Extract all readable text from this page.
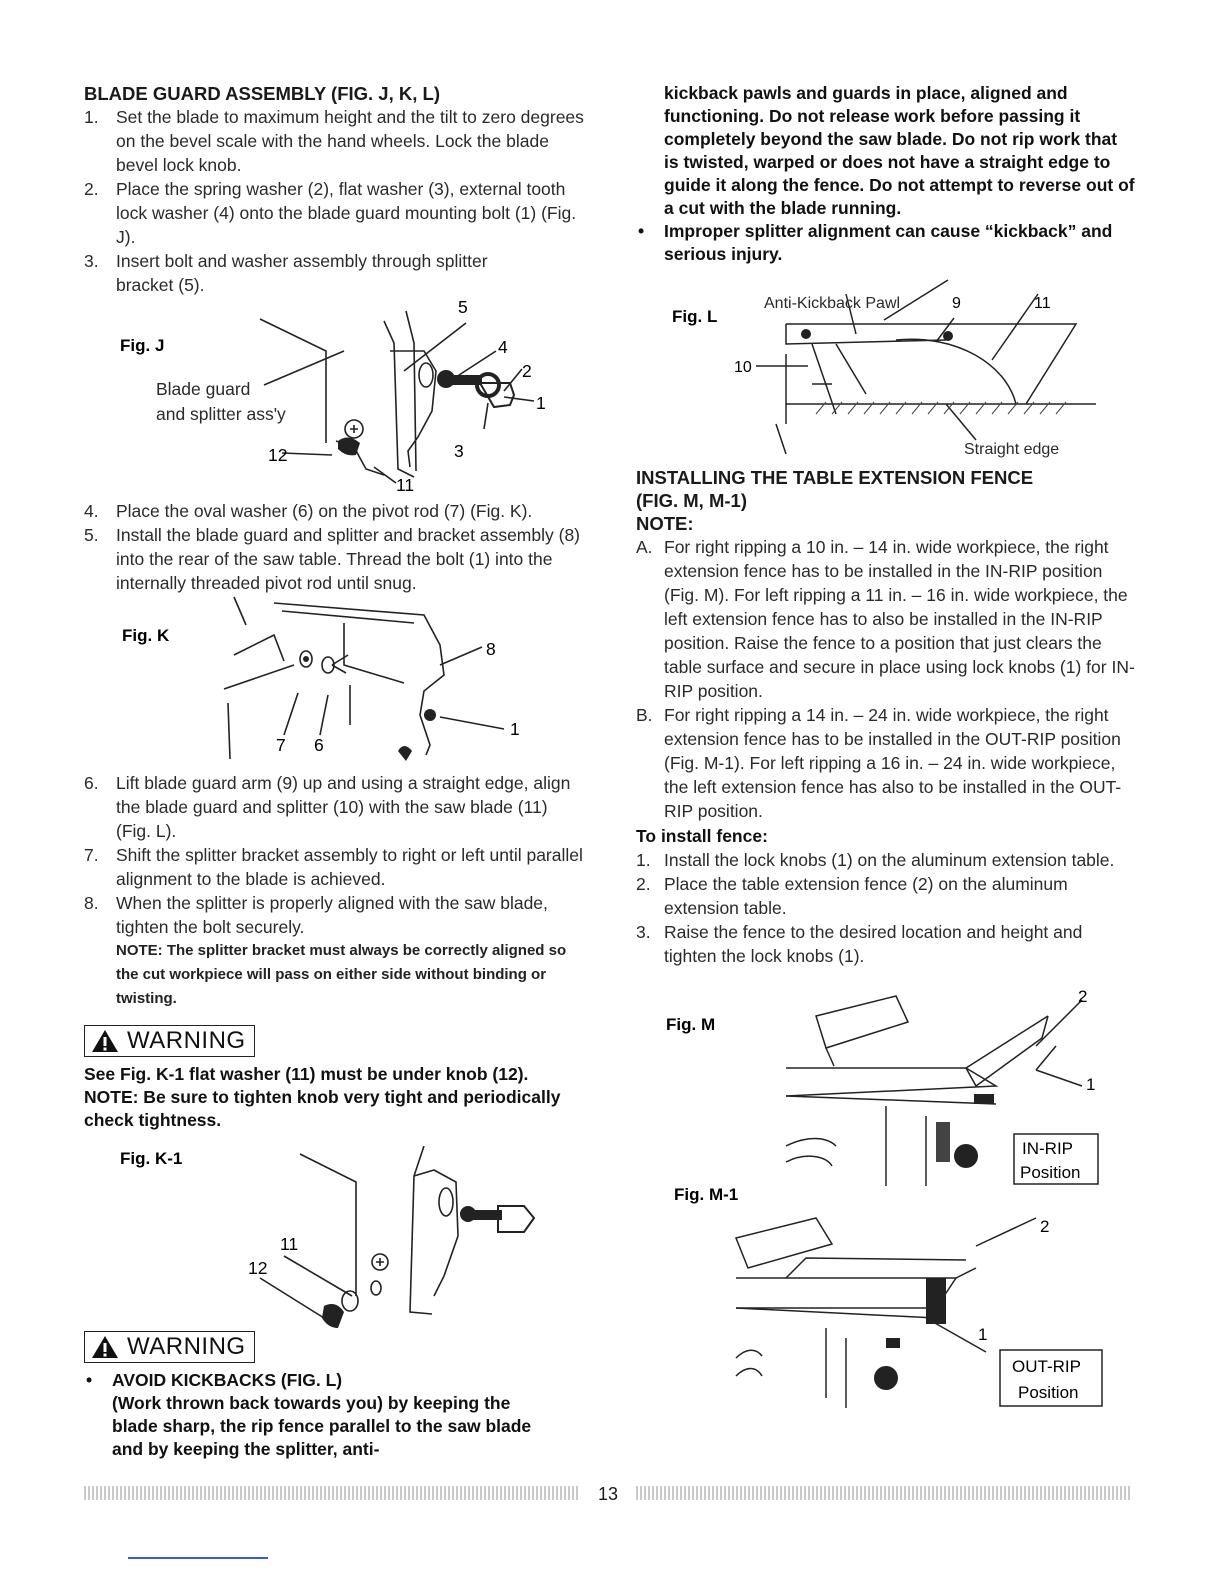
BLADE GUARD ASSEMBLY (FIG. J, K, L)

1. Set the blade to maximum height and the tilt to zero degrees on the bevel scale with the hand wheels. Lock the blade bevel lock knob.
2. Place the spring washer (2), flat washer (3), external tooth lock washer (4) onto the blade guard mounting bolt (1) (Fig. J).
3. Insert bolt and washer assembly through splitter bracket (5).
Fig. J
Blade guard
and splitter ass'y
5
4
2
1
3
12
11
4. Place the oval washer (6) on the pivot rod (7) (Fig. K).
5. Install the blade guard and splitter and bracket assembly (8) into the rear of the saw table. Thread the bolt (1) into the internally threaded pivot rod until snug.
Fig. K
8
7 6
1
6. Lift blade guard arm (9) up and using a straight edge, align the blade guard and splitter (10) with the saw blade (11) (Fig. L).
7. Shift the splitter bracket assembly to right or left until parallel alignment to the blade is achieved.
8. When the splitter is properly aligned with the saw blade, tighten the bolt securely.
NOTE: The splitter bracket must always be correctly aligned so the cut workpiece will pass on either side without binding or twisting.
WARNING
See Fig. K-1 flat washer (11) must be under knob (12). NOTE: Be sure to tighten knob very tight and periodically check tightness.
Fig. K-1
11
12
WARNING
• AVOID KICKBACKS (FIG. L)
(Work thrown back towards you) by keeping the blade sharp, the rip fence parallel to the saw blade and by keeping the splitter, anti-
kickback pawls and guards in place, aligned and functioning. Do not release work before passing it completely beyond the saw blade. Do not rip work that is twisted, warped or does not have a straight edge to guide it along the fence. Do not attempt to reverse out of a cut with the blade running.
• Improper splitter alignment can cause “kickback” and serious injury.
Fig. L
Anti-Kickback Pawl	9	11
10
Straight edge

INSTALLING THE TABLE EXTENSION FENCE

(FIG. M, M-1)

NOTE:

A. For right ripping a 10 in. – 14 in. wide workpiece, the right extension fence has to be installed in the IN-RIP position (Fig. M). For left ripping a 11 in. – 16 in. wide workpiece, the left extension fence has to also be installed in the IN-RIP position. Raise the fence to a position that just clears the table surface and secure in place using lock knobs (1) for IN-RIP position.
B. For right ripping a 14 in. – 24 in. wide workpiece, the right extension fence has to be installed in the OUT-RIP position (Fig. M-1). For left ripping a 16 in. – 24 in. wide workpiece, the left extension fence has also to be installed in the OUT-RIP position.
To install fence:
1. Install the lock knobs (1) on the aluminum extension table.
2. Place the table extension fence (2) on the aluminum extension table.
3. Raise the fence to the desired location and height and tighten the lock knobs (1).
IN-RIP
Position
Fig. M
2
1
OUT-RIP
Position
Fig. M-1
2
1
13
